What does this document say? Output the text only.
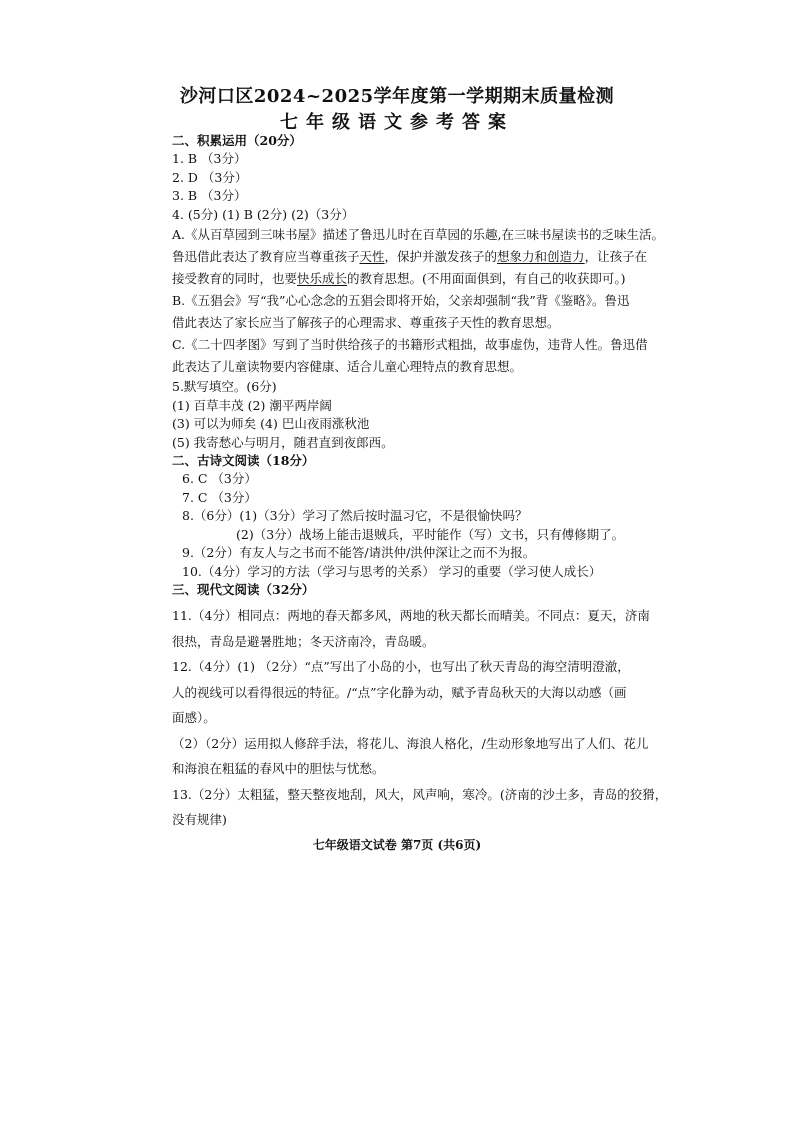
沙河口区2024~2025学年度第一学期期末质量检测
七年级语文参考答案
二、积累运用（20分）
1. B （3分）
2. D （3分）
3. B （3分）
4. (5分) (1) B (2分) (2)（3分）
A.《从百草园到三味书屋》描述了鲁迅儿时在百草园的乐趣,在三味书屋读书的乏味生活。
鲁迅借此表达了教育应当尊重孩子天性，保护并激发孩子的想象力和创造力，让孩子在
接受教育的同时，也要快乐成长的教育思想。(不用面面俱到，有自己的收获即可。)
B.《五猖会》写“我”心心念念的五猖会即将开始，父亲却强制“我”背《鉴略》。鲁迅
借此表达了家长应当了解孩子的心理需求、尊重孩子天性的教育思想。
C.《二十四孝图》写到了当时供给孩子的书籍形式粗拙，故事虚伪，违背人性。鲁迅借
此表达了儿童读物要内容健康、适合儿童心理特点的教育思想。
5.默写填空。(6分)
(1) 百草丰茂 (2) 潮平两岸阔
(3) 可以为师矣 (4) 巴山夜雨涨秋池
(5) 我寄愁心与明月，随君直到夜郎西。
二、古诗文阅读（18分）
6. C （3分）
7. C （3分）
8.（6分）(1)（3分）学习了然后按时温习它，不是很愉快吗？
(2)（3分）战场上能击退贼兵，平时能作（写）文书，只有傅修期了。
9.（2分）有友人与之书而不能答/请洪仲/洪仲深让之而不为报。
10.（4分）学习的方法（学习与思考的关系） 学习的重要（学习使人成长）
三、现代文阅读（32分）
11.（4分）相同点：两地的春天都多风，两地的秋天都长而晴美。不同点：夏天，济南
很热，青岛是避暑胜地；冬天济南冷，青岛暖。
12.（4分）(1) （2分）“点”写出了小岛的小，也写出了秋天青岛的海空清明澄澈，
人的视线可以看得很远的特征。/“点”字化静为动，赋予青岛秋天的大海以动感（画
面感）。
（2）（2分）运用拟人修辞手法，将花儿、海浪人格化，/生动形象地写出了人们、花儿
和海浪在粗猛的春风中的胆怯与忧愁。
13.（2分）太粗猛，整天整夜地刮，风大，风声响，寒冷。(济南的沙土多，青岛的狡猾，
没有规律)
七年级语文试卷 第7页 (共6页)
